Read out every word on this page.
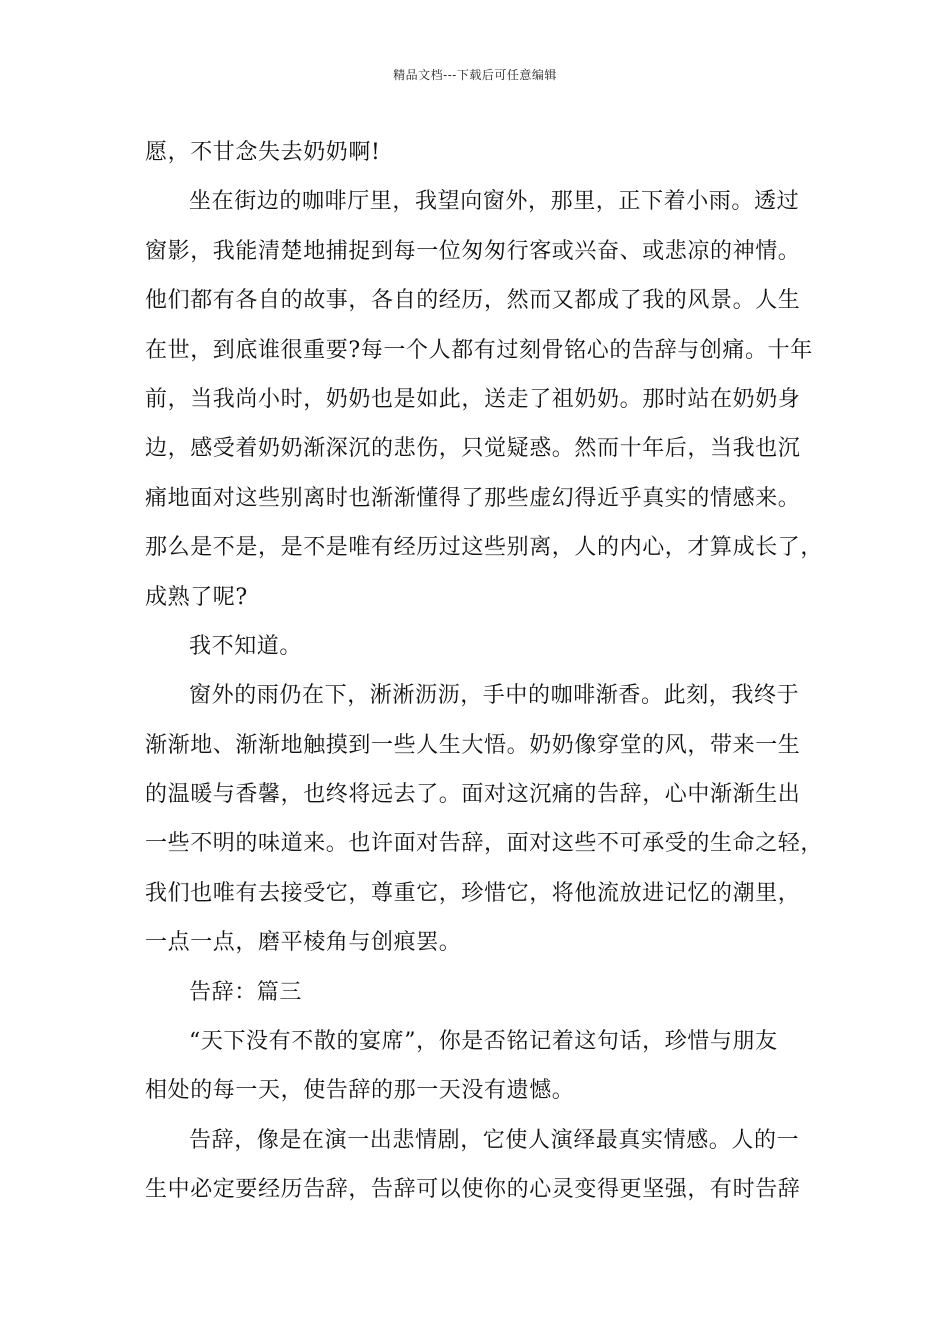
精品文档---下载后可任意编辑
愿，不甘念失去奶奶啊!
坐在街边的咖啡厅里，我望向窗外，那里，正下着小雨。透过
窗影，我能清楚地捕捉到每一位匆匆行客或兴奋、或悲凉的神情。
他们都有各自的故事，各自的经历，然而又都成了我的风景。人生
在世，到底谁很重要?每一个人都有过刻骨铭心的告辞与创痛。十年
前，当我尚小时，奶奶也是如此，送走了祖奶奶。那时站在奶奶身
边，感受着奶奶渐深沉的悲伤，只觉疑惑。然而十年后，当我也沉
痛地面对这些别离时也渐渐懂得了那些虚幻得近乎真实的情感来。
那么是不是，是不是唯有经历过这些别离，人的内心，才算成长了，
成熟了呢?
我不知道。
窗外的雨仍在下，淅淅沥沥，手中的咖啡渐香。此刻，我终于
渐渐地、渐渐地触摸到一些人生大悟。奶奶像穿堂的风，带来一生
的温暖与香馨，也终将远去了。面对这沉痛的告辞，心中渐渐生出
一些不明的味道来。也许面对告辞，面对这些不可承受的生命之轻，
我们也唯有去接受它，尊重它，珍惜它，将他流放进记忆的潮里，
一点一点，磨平棱角与创痕罢。
告辞：篇三
“天下没有不散的宴席”，你是否铭记着这句话，珍惜与朋友
相处的每一天，使告辞的那一天没有遗憾。
告辞，像是在演一出悲情剧，它使人演绎最真实情感。人的一
生中必定要经历告辞，告辞可以使你的心灵变得更坚强，有时告辞
